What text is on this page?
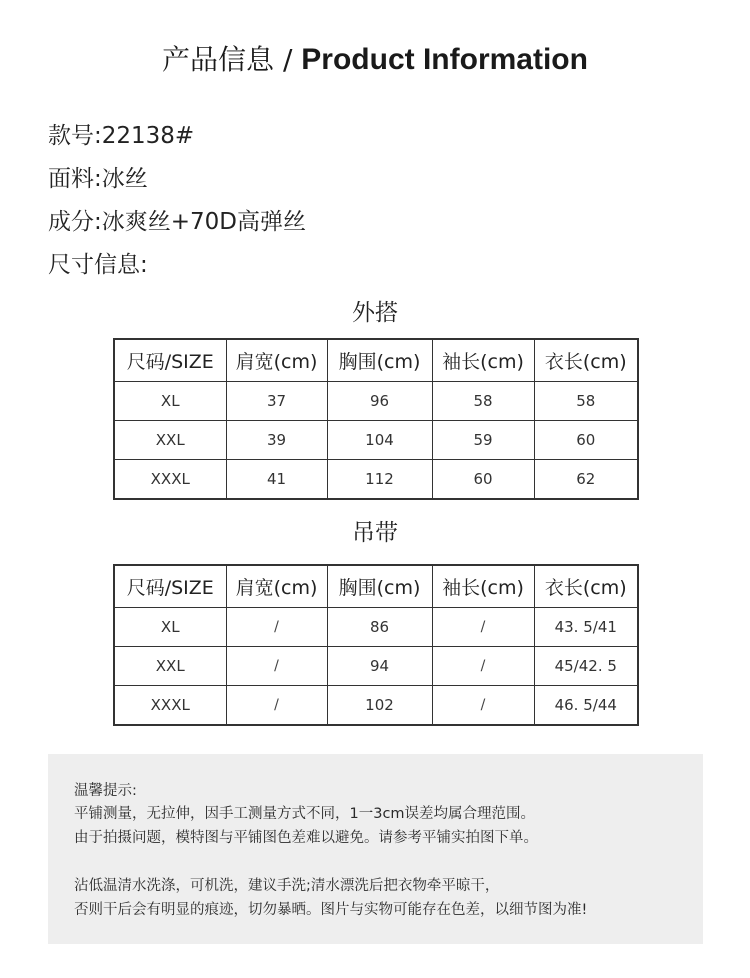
产品信息 / Product Information
款号:22138#
面料:冰丝
成分:冰爽丝+70D高弹丝
尺寸信息:
外搭
尺码/SIZE	肩宽(cm)	胸围(cm)	袖长(cm)	衣长(cm)
XL	37	96	58	58
XXL	39	104	59	60
XXXL	41	112	60	62
吊带
尺码/SIZE	肩宽(cm)	胸围(cm)	袖长(cm)	衣长(cm)
XL	/	86	/	43. 5/41
XXL	/	94	/	45/42. 5
XXXL	/	102	/	46. 5/44

温馨提示:

平铺测量，无拉伸，因手工测量方式不同，1一3cm误差均属合理范围。

由于拍摄问题，模特图与平铺图色差难以避免。请参考平铺实拍图下单。

沾低温清水洗涤，可机洗，建议手洗;清水漂洗后把衣物牵平晾干，

否则干后会有明显的痕迹，切勿暴晒。图片与实物可能存在色差，以细节图为准!
